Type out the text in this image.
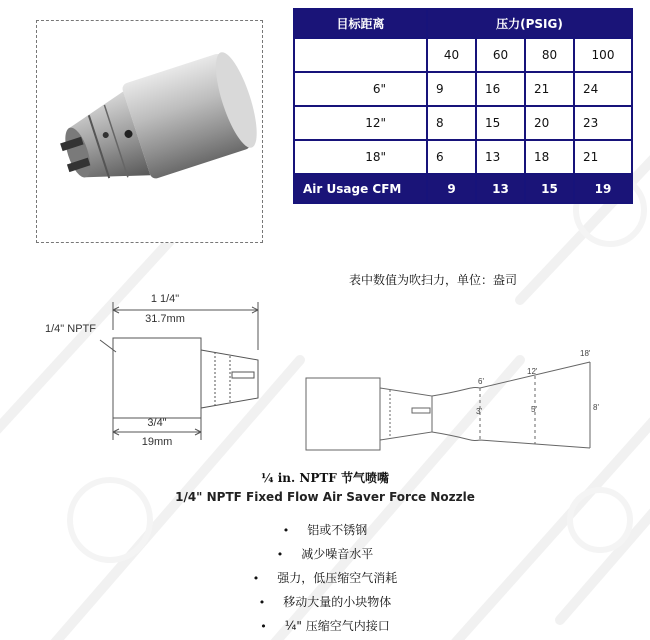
目标距离	压力(PSIG)			
	40	60	80	100
6"	9	16	21	24
12"	8	15	20	23
18"	6	13	18	21
Air Usage CFM	9	13	15	19
表中数值为吹扫力，单位：盎司
1 1/4"
31.7mm
1/4" NPTF
3/4"
19mm
6'
12'
18'
3'	5'	8'
¼ in. NPTF 节气喷嘴
1/4" NPTF Fixed Flow Air Saver Force Nozzle
• 铝或不锈钢
• 减少噪音水平
• 强力，低压缩空气消耗
• 移动大量的小块物体
• ¼" 压缩空气内接口
